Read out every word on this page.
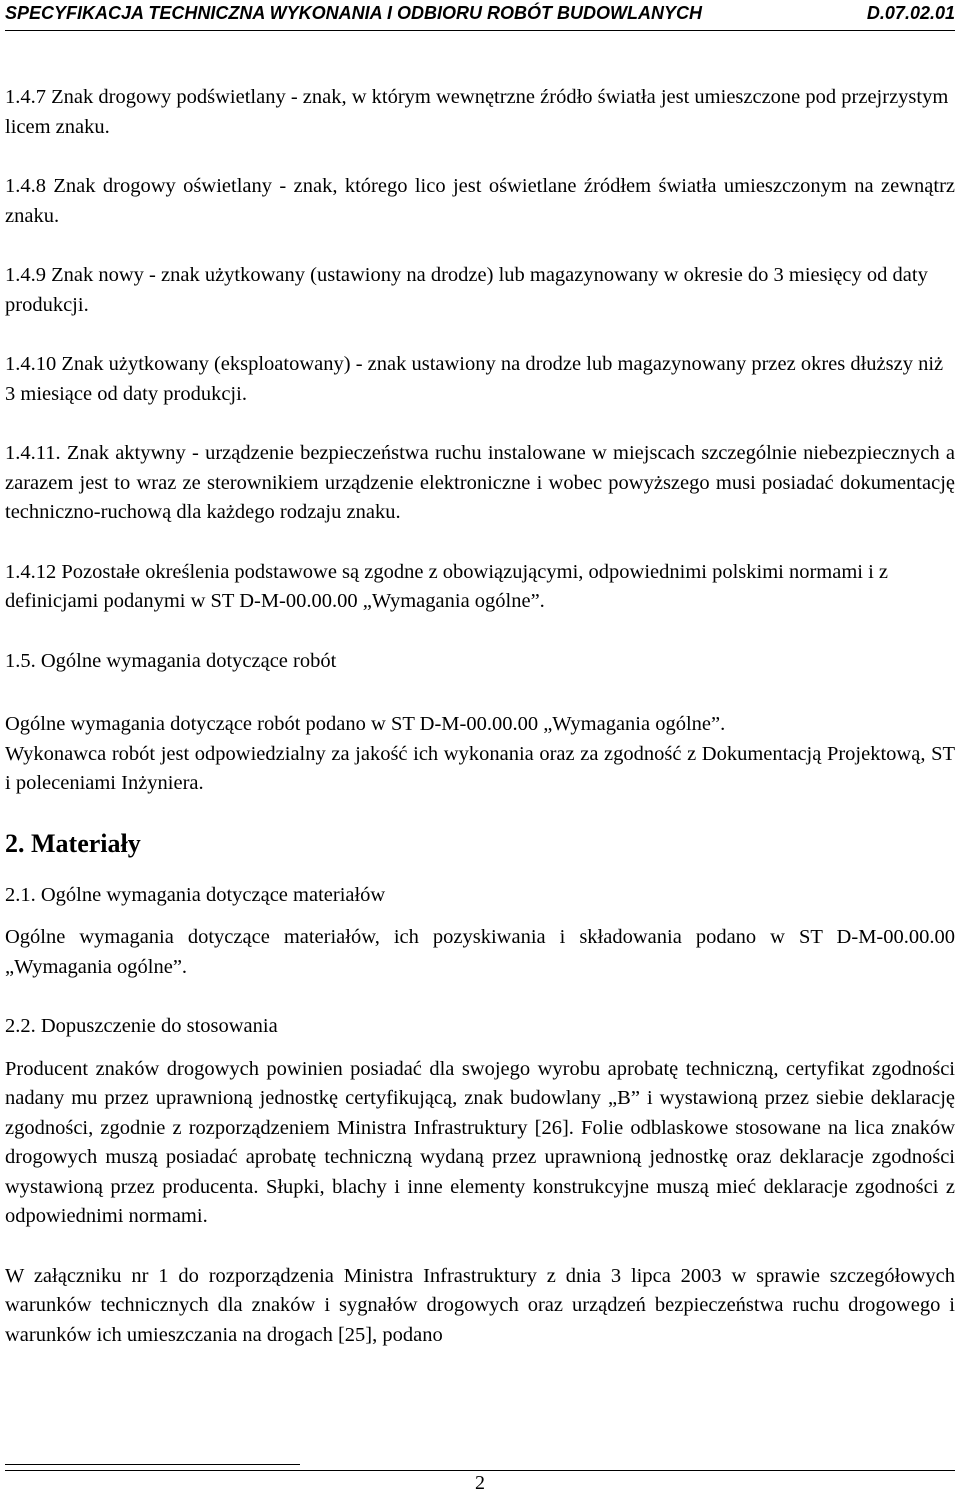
SPECYFIKACJA TECHNICZNA WYKONANIA I ODBIORU ROBÓT BUDOWLANYCH	D.07.02.01

1.4.7 Znak drogowy podświetlany - znak, w którym wewnętrzne źródło światła jest umieszczone pod przejrzystym licem znaku.

1.4.8 Znak drogowy oświetlany - znak, którego lico jest oświetlane źródłem światła umieszczonym na zewnątrz znaku.

1.4.9 Znak nowy - znak użytkowany (ustawiony na drodze) lub magazynowany w okresie do 3 miesięcy od daty produkcji.

1.4.10 Znak użytkowany (eksploatowany) - znak ustawiony na drodze lub magazynowany przez okres dłuższy niż 3 miesiące od daty produkcji.

1.4.11. Znak aktywny - urządzenie bezpieczeństwa ruchu instalowane w miejscach szczególnie niebezpiecznych a zarazem jest to wraz ze sterownikiem urządzenie elektroniczne i wobec powyższego musi posiadać dokumentację techniczno-ruchową dla każdego rodzaju znaku.

1.4.12 Pozostałe określenia podstawowe są zgodne z obowiązującymi, odpowiednimi polskimi normami i z definicjami podanymi w ST D-M-00.00.00 „Wymagania ogólne”.

1.5. Ogólne wymagania dotyczące robót

Ogólne wymagania dotyczące robót podano w ST D-M-00.00.00 „Wymagania ogólne”.

Wykonawca robót jest odpowiedzialny za jakość ich wykonania oraz za zgodność z Dokumentacją Projektową, ST i poleceniami Inżyniera.

2. Materiały

2.1. Ogólne wymagania dotyczące materiałów

Ogólne wymagania dotyczące materiałów, ich pozyskiwania i składowania podano w ST D-M-00.00.00 „Wymagania ogólne”.

2.2. Dopuszczenie do stosowania

Producent znaków drogowych powinien posiadać dla swojego wyrobu aprobatę techniczną, certyfikat zgodności nadany mu przez uprawnioną jednostkę certyfikującą, znak budowlany „B” i wystawioną przez siebie deklarację zgodności, zgodnie z rozporządzeniem Ministra Infrastruktury [26]. Folie odblaskowe stosowane na lica znaków drogowych muszą posiadać aprobatę techniczną wydaną przez uprawnioną jednostkę oraz deklaracje zgodności wystawioną przez producenta. Słupki, blachy i inne elementy konstrukcyjne muszą mieć deklaracje zgodności z odpowiednimi normami.

W załączniku nr 1 do rozporządzenia Ministra Infrastruktury z dnia 3 lipca 2003 w sprawie szczegółowych warunków technicznych dla znaków i sygnałów drogowych oraz urządzeń bezpieczeństwa ruchu drogowego i warunków ich umieszczania na drogach [25], podano

2
